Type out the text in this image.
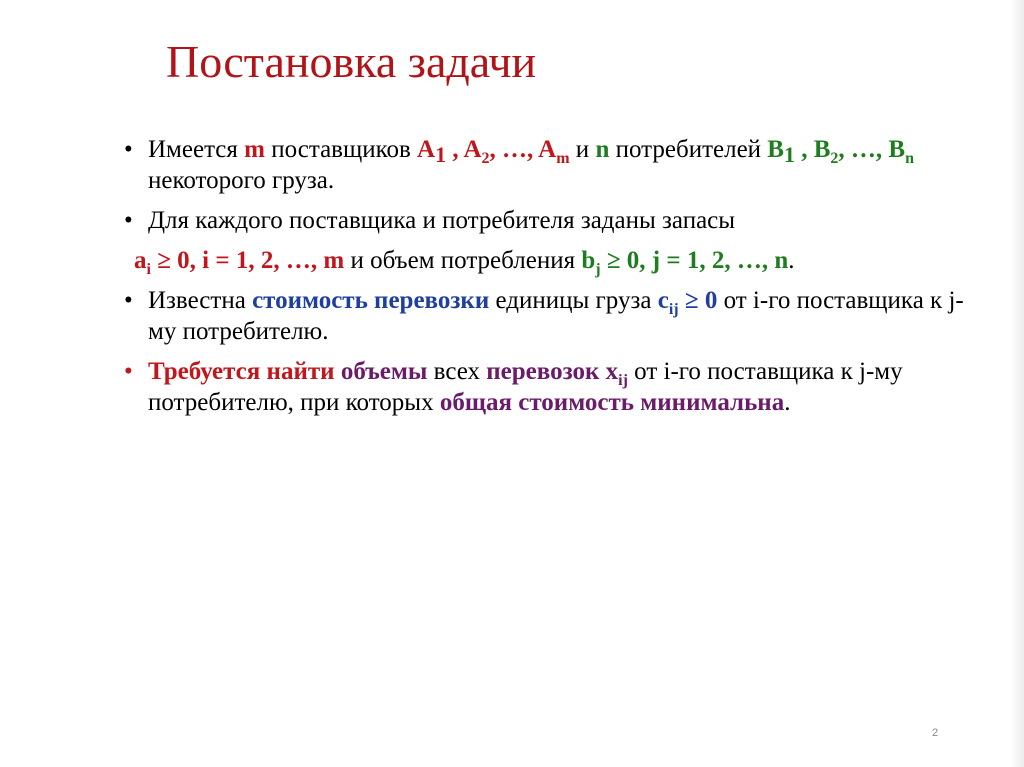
Постановка задачи
• Имеется m поставщиков $A_1$ , $A_2$, …, $A_m$ и n потребителей $B_1$ , $B_2$, …, $B_n$ некоторого груза.
• Для каждого поставщика и потребителя заданы запасы
$a_i \ge 0$, i = 1, 2, …, m и объем потребления $b_j \ge 0$, j = 1, 2, …, n.
• Известна стоимость перевозки единицы груза $c_{ij} \ge 0$ от i-го поставщика к j-му потребителю.
• Требуется найти объемы всех перевозок $x_{ij}$ от i-го поставщика к j-му потребителю, при которых общая стоимость минимальна.
2
